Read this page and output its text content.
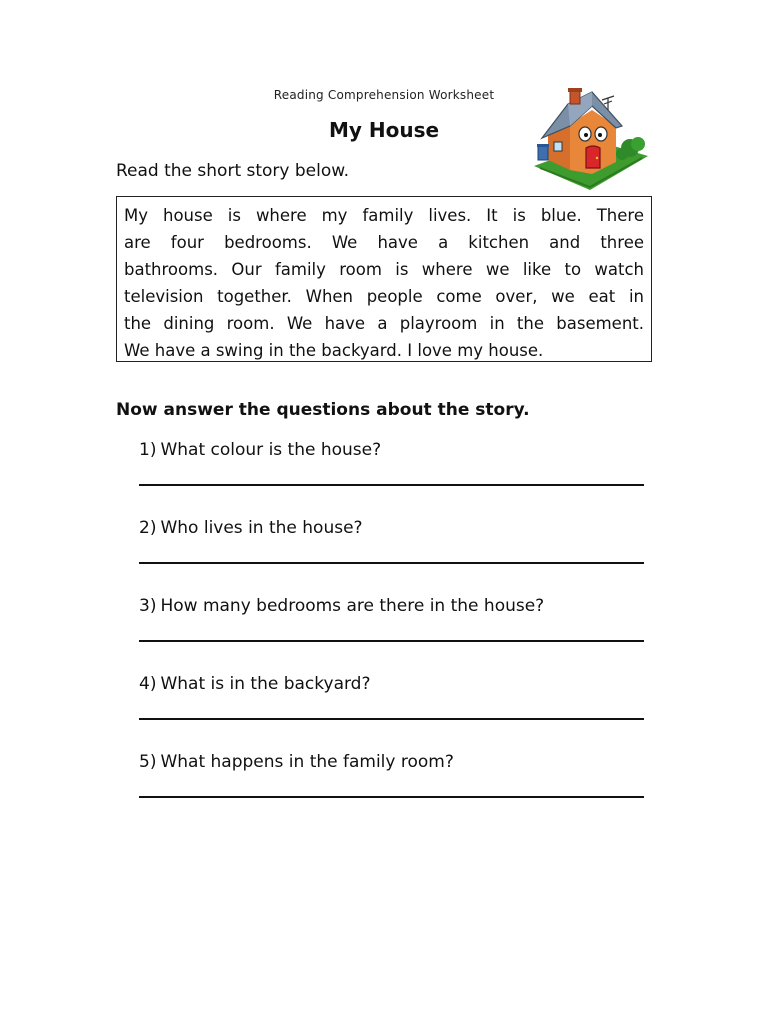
Reading Comprehension Worksheet
My House
Read the short story below.
My house is where my family lives. It is blue. There
are four bedrooms. We have a kitchen and three
bathrooms. Our family room is where we like to watch
television together. When people come over, we eat in
the dining room. We have a playroom in the basement.
We have a swing in the backyard. I love my house.
Now answer the questions about the story.
1) What colour is the house?
2) Who lives in the house?
3) How many bedrooms are there in the house?
4) What is in the backyard?
5) What happens in the family room?
